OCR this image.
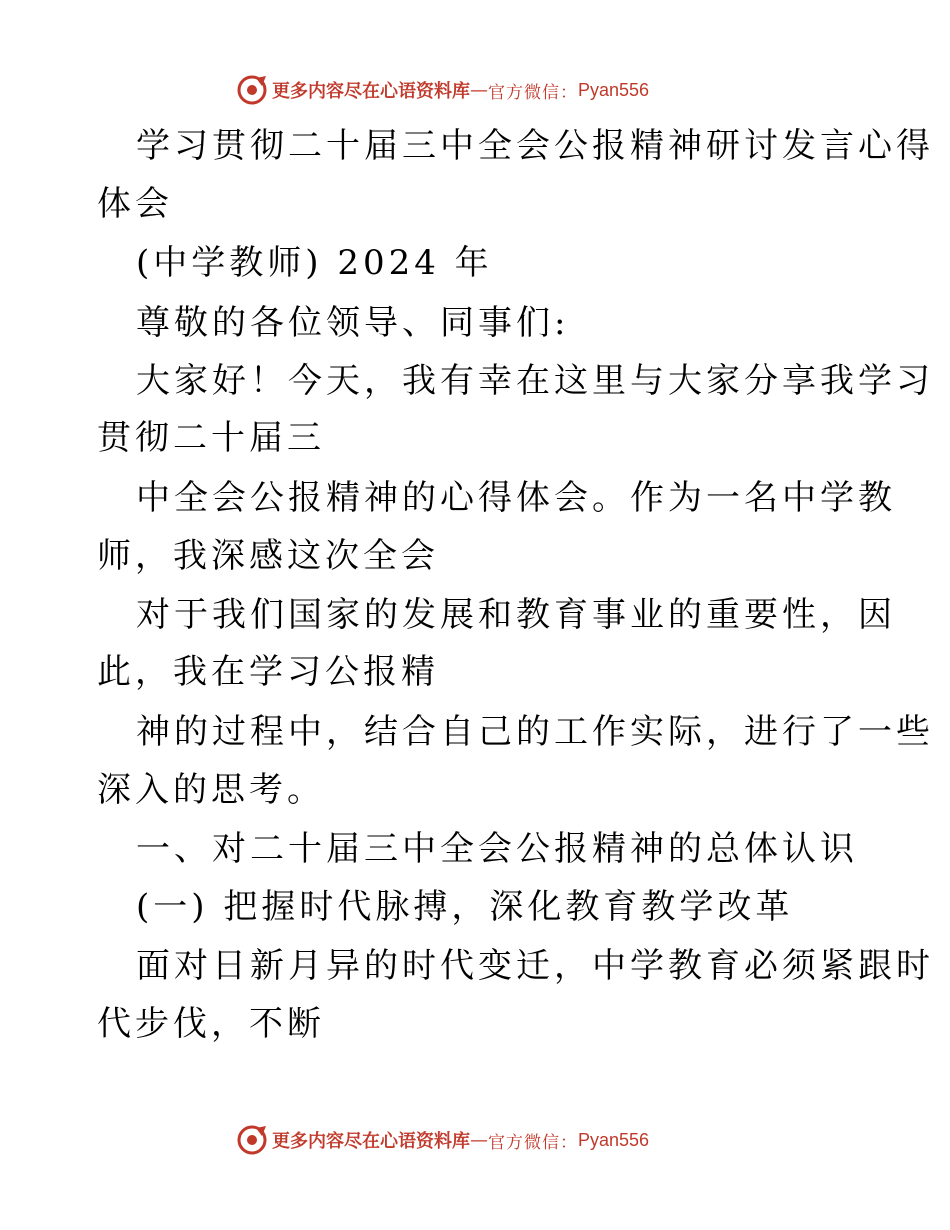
更多内容尽在心语资料库 — 官方微信： Pyan556
学习贯彻二十届三中全会公报精神研讨发言心得
体会
(中学教师) 2024 年
尊敬的各位领导、同事们:
大家好！今天，我有幸在这里与大家分享我学习
贯彻二十届三
中全会公报精神的心得体会。作为一名中学教
师，我深感这次全会
对于我们国家的发展和教育事业的重要性，因
此，我在学习公报精
神的过程中，结合自己的工作实际，进行了一些
深入的思考。
一、对二十届三中全会公报精神的总体认识
(一) 把握时代脉搏，深化教育教学改革
面对日新月异的时代变迁，中学教育必须紧跟时
代步伐，不断
更多内容尽在心语资料库 — 官方微信： Pyan556
